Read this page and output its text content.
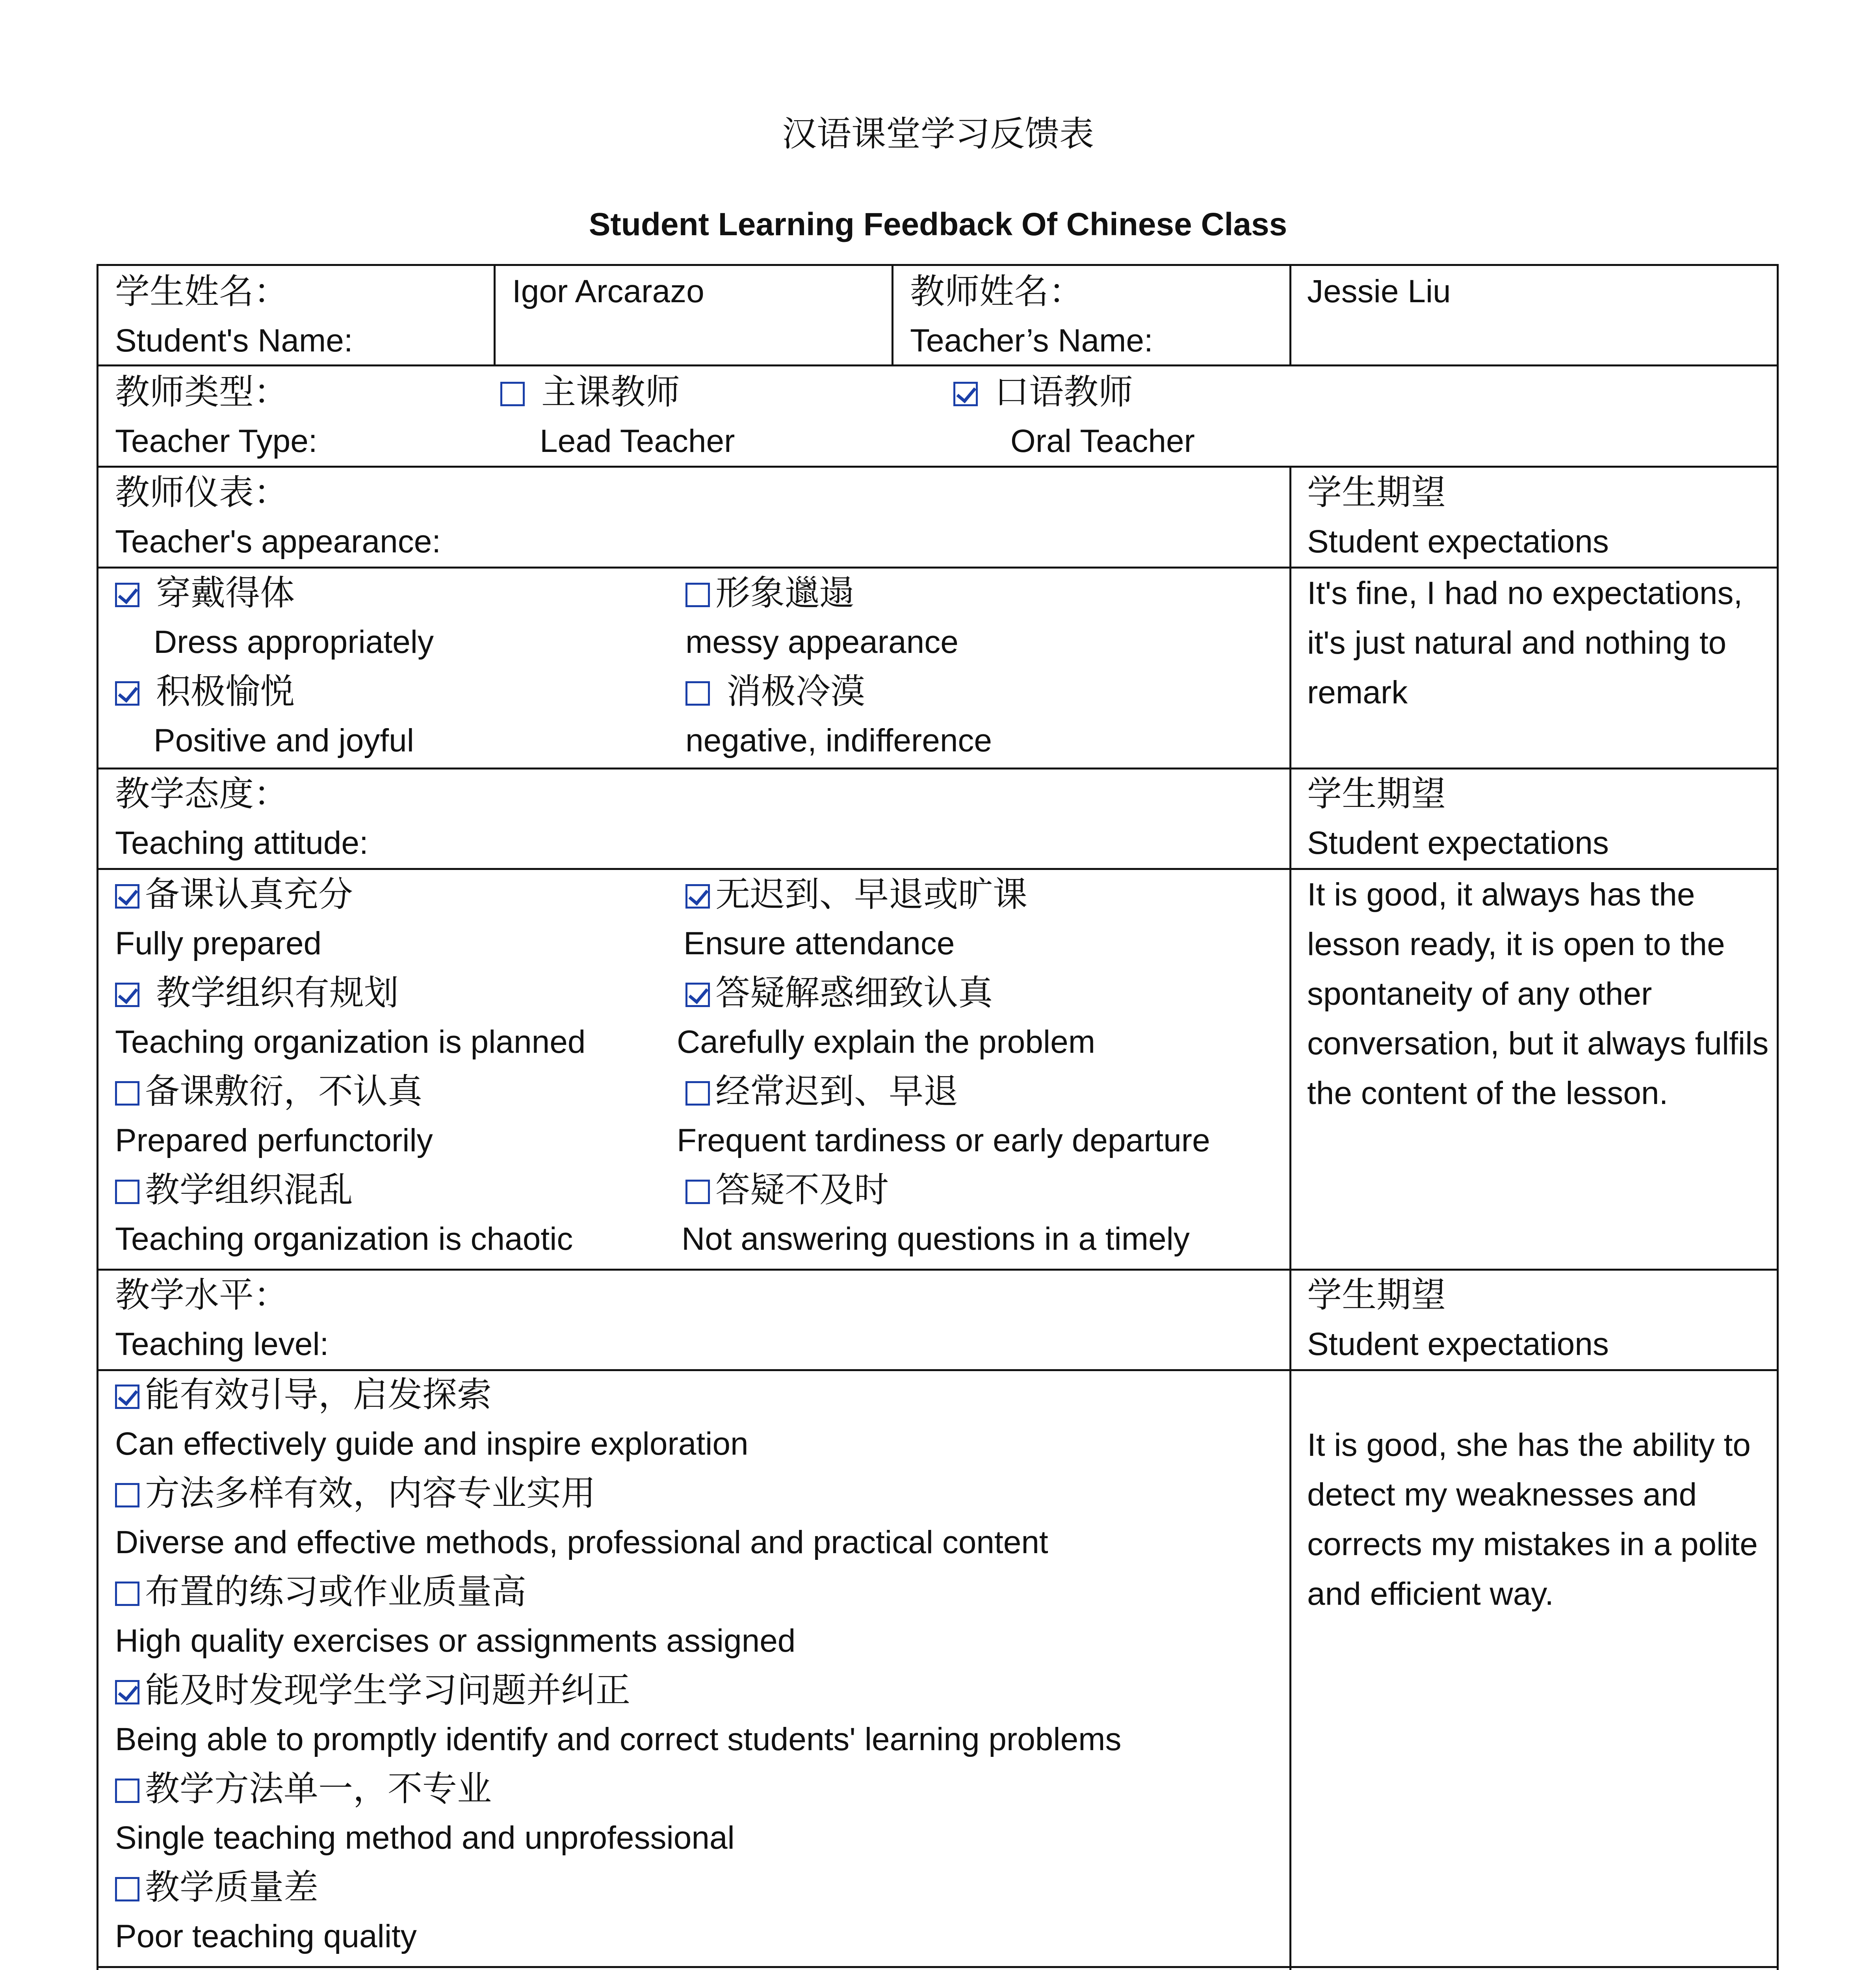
汉语课堂学习反馈表
Student Learning Feedback Of Chinese Class
学生姓名：
Student's Name:
Igor Arcarazo	教师姓名：
Teacher’s Name:
Jessie Liu
教师类型：
Teacher Type:
主课教师
Lead Teacher
口语教师
Oral Teacher
教师仪表：
Teacher's appearance:
学生期望
Student expectations
穿戴得体
Dress appropriately
形象邋遢
messy appearance
积极愉悦
Positive and joyful
消极冷漠
negative, indifference
It's fine, I had no expectations, it's just natural and nothing to remark
教学态度：
Teaching attitude:
学生期望
Student expectations
备课认真充分
Fully prepared
无迟到、早退或旷课
Ensure attendance
教学组织有规划
Teaching organization is planned
答疑解惑细致认真
Carefully explain the problem
备课敷衍，不认真
Prepared perfunctorily
经常迟到、早退
Frequent tardiness or early departure
教学组织混乱
Teaching organization is chaotic
答疑不及时
Not answering questions in a timely
It is good, it always has the lesson ready, it is open to the spontaneity of any other conversation, but it always fulfils the content of the lesson.
教学水平：
Teaching level:
学生期望
Student expectations
能有效引导，启发探索
Can effectively guide and inspire exploration
方法多样有效，内容专业实用
Diverse and effective methods, professional and practical content
布置的练习或作业质量高
High quality exercises or assignments assigned
能及时发现学生学习问题并纠正
Being able to promptly identify and correct students' learning problems
教学方法单一，不专业
Single teaching method and unprofessional
教学质量差
Poor teaching quality
It is good, she has the ability to detect my weaknesses and corrects my mistakes in a polite and efficient way.
